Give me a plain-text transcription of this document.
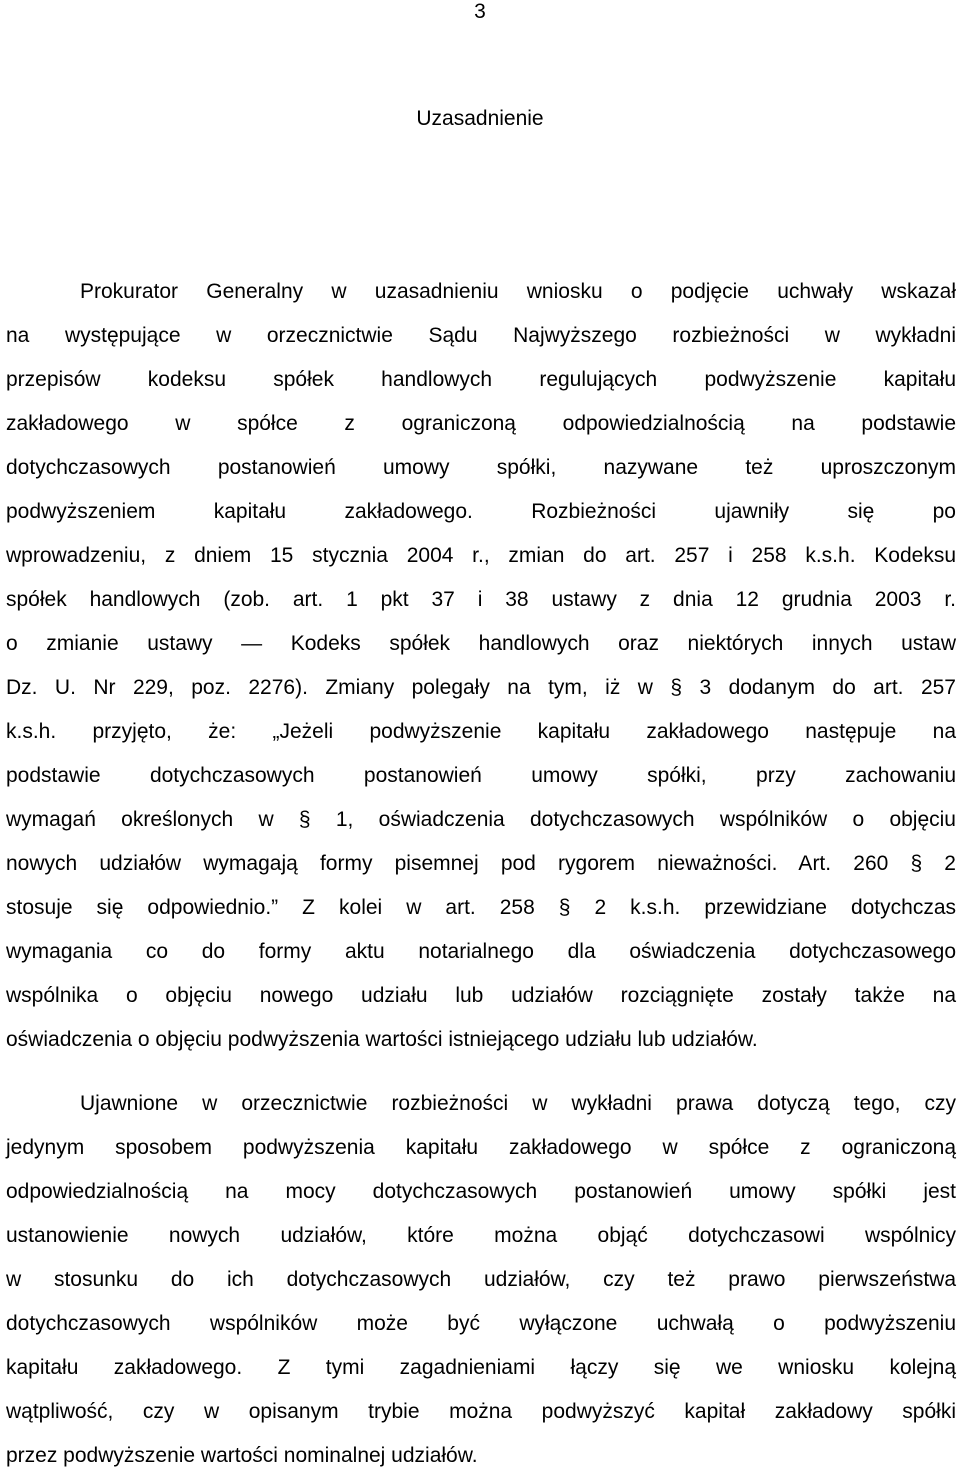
3
Uzasadnienie
Prokurator Generalny w uzasadnieniu wniosku o podjęcie uchwały wskazał
na występujące w orzecznictwie Sądu Najwyższego rozbieżności w wykładni
przepisów kodeksu spółek handlowych regulujących podwyższenie kapitału
zakładowego w spółce z ograniczoną odpowiedzialnością na podstawie
dotychczasowych postanowień umowy spółki, nazywane też uproszczonym
podwyższeniem kapitału zakładowego. Rozbieżności ujawniły się po
wprowadzeniu, z dniem 15 stycznia 2004 r., zmian do art. 257 i 258 k.s.h. Kodeksu
spółek handlowych (zob. art. 1 pkt 37 i 38 ustawy z dnia 12 grudnia 2003 r.
o zmianie ustawy ― Kodeks spółek handlowych oraz niektórych innych ustaw
Dz. U. Nr 229, poz. 2276). Zmiany polegały na tym, iż w § 3 dodanym do art. 257
k.s.h. przyjęto, że: „Jeżeli podwyższenie kapitału zakładowego następuje na
podstawie dotychczasowych postanowień umowy spółki, przy zachowaniu
wymagań określonych w § 1, oświadczenia dotychczasowych wspólników o objęciu
nowych udziałów wymagają formy pisemnej pod rygorem nieważności. Art. 260 § 2
stosuje się odpowiednio.” Z kolei w art. 258 § 2 k.s.h. przewidziane dotychczas
wymagania co do formy aktu notarialnego dla oświadczenia dotychczasowego
wspólnika o objęciu nowego udziału lub udziałów rozciągnięte zostały także na
oświadczenia o objęciu podwyższenia wartości istniejącego udziału lub udziałów.
Ujawnione w orzecznictwie rozbieżności w wykładni prawa dotyczą tego, czy
jedynym sposobem podwyższenia kapitału zakładowego w spółce z ograniczoną
odpowiedzialnością na mocy dotychczasowych postanowień umowy spółki jest
ustanowienie nowych udziałów, które można objąć dotychczasowi wspólnicy
w stosunku do ich dotychczasowych udziałów, czy też prawo pierwszeństwa
dotychczasowych wspólników może być wyłączone uchwałą o podwyższeniu
kapitału zakładowego. Z tymi zagadnieniami łączy się we wniosku kolejną
wątpliwość, czy w opisanym trybie można podwyższyć kapitał zakładowy spółki
przez podwyższenie wartości nominalnej udziałów.
